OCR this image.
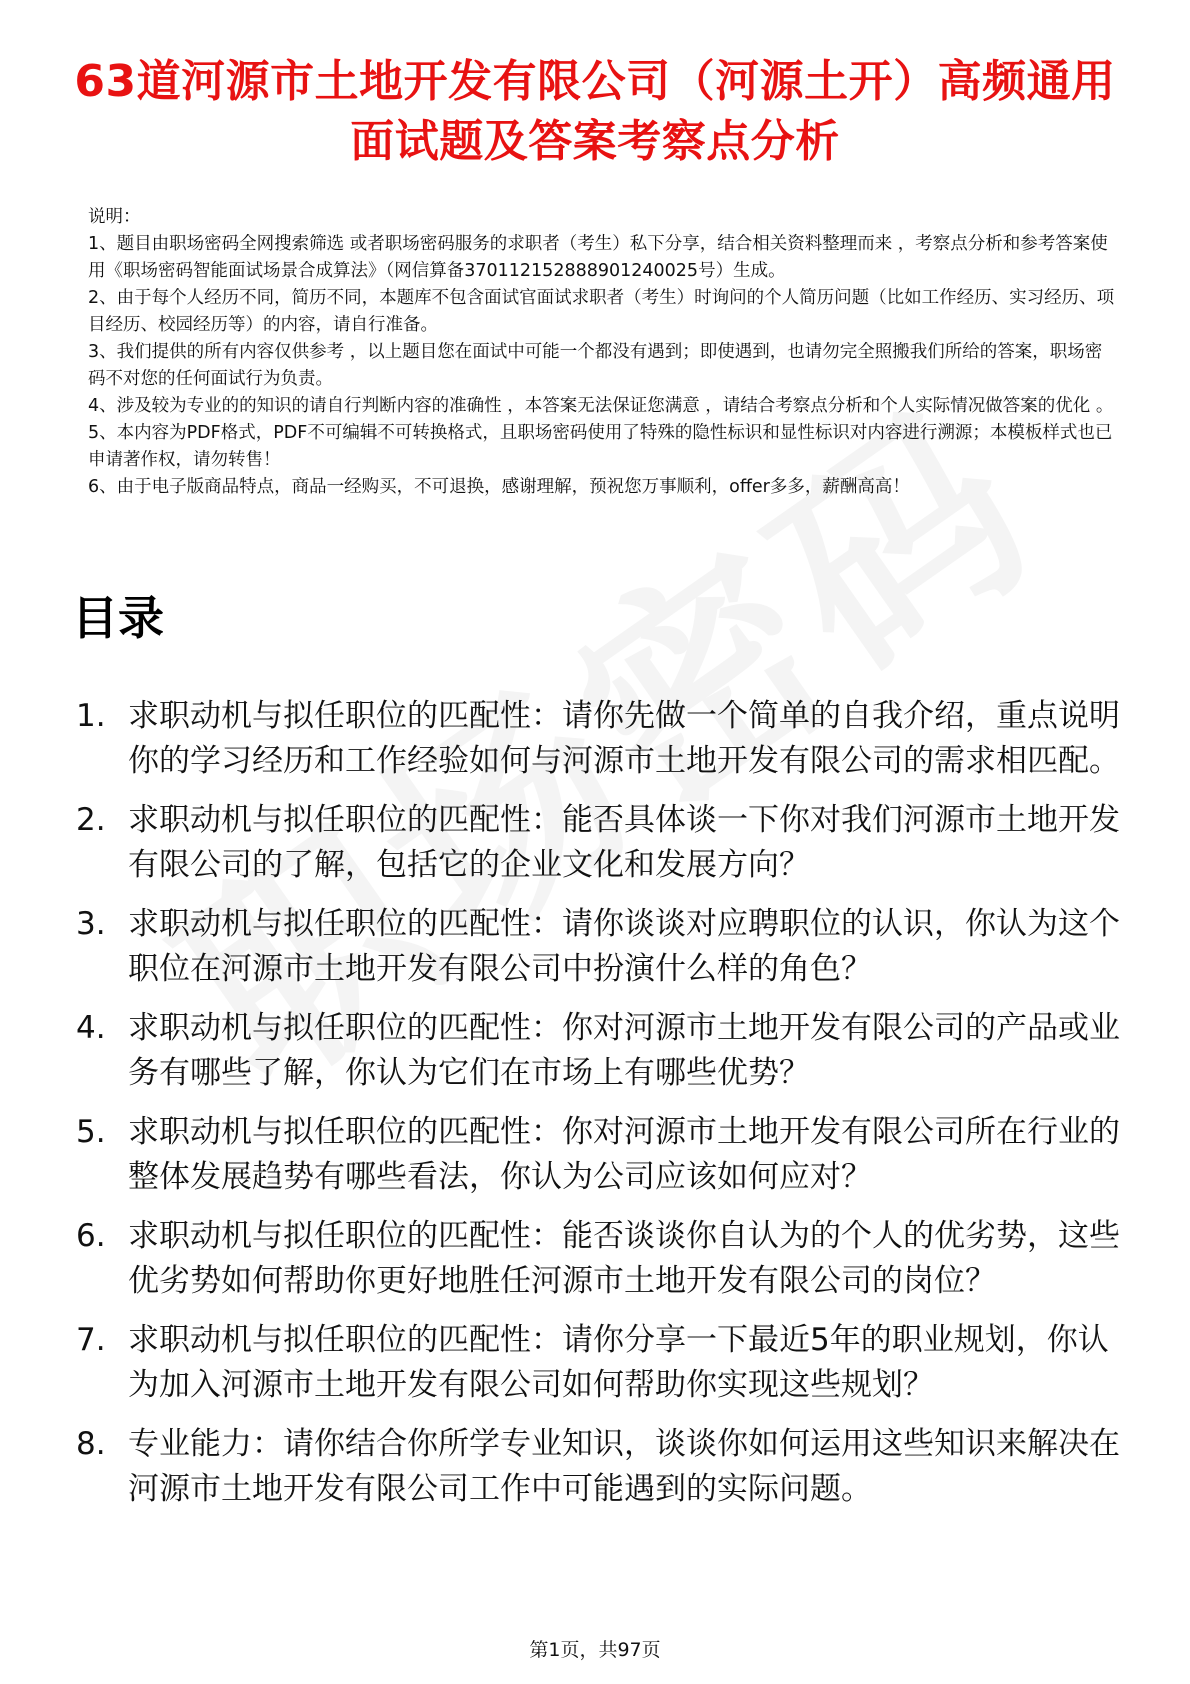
63道河源市土地开发有限公司（河源土开）高频通用面试题及答案考察点分析

说明：

1、题目由职场密码全网搜索筛选 或者职场密码服务的求职者（考生）私下分享，结合相关资料整理而来 ，考察点分析和参考答案使用《职场密码智能面试场景合成算法》（网信算备370112152888901240025号）生成。

2、由于每个人经历不同，简历不同，本题库不包含面试官面试求职者（考生）时询问的个人简历问题（比如工作经历、实习经历、项目经历、校园经历等）的内容，请自行准备。

3、我们提供的所有内容仅供参考 ，以上题目您在面试中可能一个都没有遇到；即使遇到，也请勿完全照搬我们所给的答案，职场密码不对您的任何面试行为负责。

4、涉及较为专业的的知识的请自行判断内容的准确性 ，本答案无法保证您满意 ，请结合考察点分析和个人实际情况做答案的优化 。

5、本内容为PDF格式，PDF不可编辑不可转换格式，且职场密码使用了特殊的隐性标识和显性标识对内容进行溯源；本模板样式也已申请著作权，请勿转售！

6、由于电子版商品特点，商品一经购买，不可退换，感谢理解，预祝您万事顺利，offer多多，薪酬高高！

目录
1. 求职动机与拟任职位的匹配性：请你先做一个简单的自我介绍，重点说明你的学习经历和工作经验如何与河源市土地开发有限公司的需求相匹配。
2. 求职动机与拟任职位的匹配性：能否具体谈一下你对我们河源市土地开发有限公司的了解，包括它的企业文化和发展方向？
3. 求职动机与拟任职位的匹配性：请你谈谈对应聘职位的认识，你认为这个职位在河源市土地开发有限公司中扮演什么样的角色？
4. 求职动机与拟任职位的匹配性：你对河源市土地开发有限公司的产品或业务有哪些了解，你认为它们在市场上有哪些优势？
5. 求职动机与拟任职位的匹配性：你对河源市土地开发有限公司所在行业的整体发展趋势有哪些看法，你认为公司应该如何应对？
6. 求职动机与拟任职位的匹配性：能否谈谈你自认为的个人的优劣势，这些优劣势如何帮助你更好地胜任河源市土地开发有限公司的岗位？
7. 求职动机与拟任职位的匹配性：请你分享一下最近5年的职业规划，你认为加入河源市土地开发有限公司如何帮助你实现这些规划？
8. 专业能力：请你结合你所学专业知识，谈谈你如何运用这些知识来解决在河源市土地开发有限公司工作中可能遇到的实际问题。
第1页，共97页
